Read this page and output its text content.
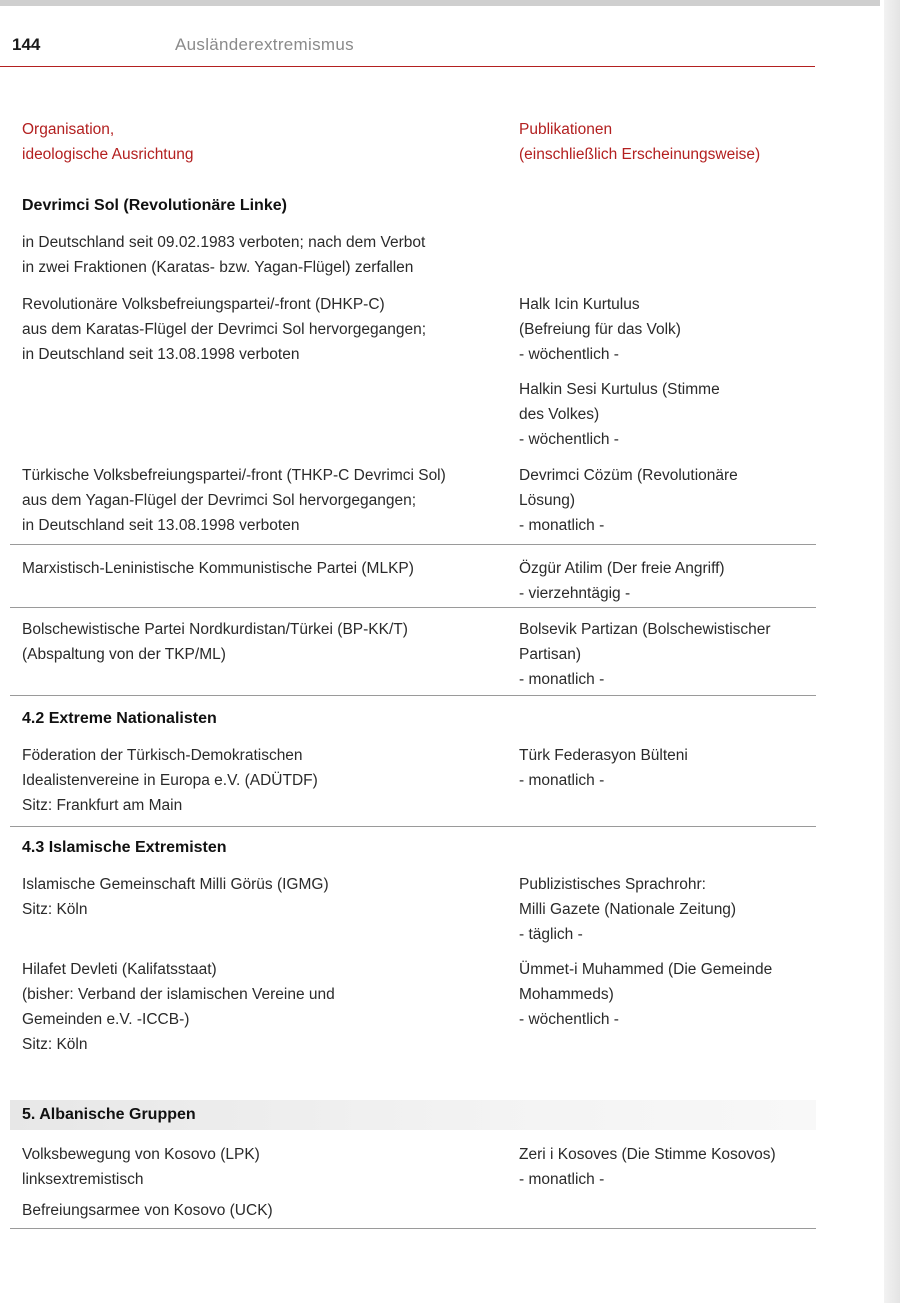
144	Ausländerextremismus
Organisation,
ideologische Ausrichtung
Publikationen
(einschließlich Erscheinungsweise)
Devrimci Sol (Revolutionäre Linke)
in Deutschland seit 09.02.1983 verboten; nach dem Verbot
in zwei Fraktionen (Karatas- bzw. Yagan-Flügel) zerfallen
Revolutionäre Volksbefreiungspartei/-front (DHKP-C)
aus dem Karatas-Flügel der Devrimci Sol hervorgegangen;
in Deutschland seit 13.08.1998 verboten
Halk Icin Kurtulus
(Befreiung für das Volk)
- wöchentlich -
Halkin Sesi Kurtulus (Stimme
des Volkes)
- wöchentlich -
Türkische Volksbefreiungspartei/-front (THKP-C Devrimci Sol)
aus dem Yagan-Flügel der Devrimci Sol hervorgegangen;
in Deutschland seit 13.08.1998 verboten
Devrimci Cözüm (Revolutionäre
Lösung)
- monatlich -
Marxistisch-Leninistische Kommunistische Partei (MLKP)	Özgür Atilim (Der freie Angriff)
- vierzehntägig -
Bolschewistische Partei Nordkurdistan/Türkei (BP-KK/T)
(Abspaltung von der TKP/ML)
Bolsevik Partizan (Bolschewistischer
Partisan)
- monatlich -
4.2 Extreme Nationalisten
Föderation der Türkisch-Demokratischen
Idealistenvereine in Europa e.V. (ADÜTDF)
Sitz: Frankfurt am Main
Türk Federasyon Bülteni
- monatlich -
4.3 Islamische Extremisten
Islamische Gemeinschaft Milli Görüs (IGMG)
Sitz: Köln
Publizistisches Sprachrohr:
Milli Gazete (Nationale Zeitung)
- täglich -
Hilafet Devleti (Kalifatsstaat)
(bisher: Verband der islamischen Vereine und
Gemeinden e.V. -ICCB-)
Sitz: Köln
Ümmet-i Muhammed (Die Gemeinde
Mohammeds)
- wöchentlich -
5. Albanische Gruppen
Volksbewegung von Kosovo (LPK)
linksextremistisch
Befreiungsarmee von Kosovo (UCK)
Zeri i Kosoves (Die Stimme Kosovos)
- monatlich -
